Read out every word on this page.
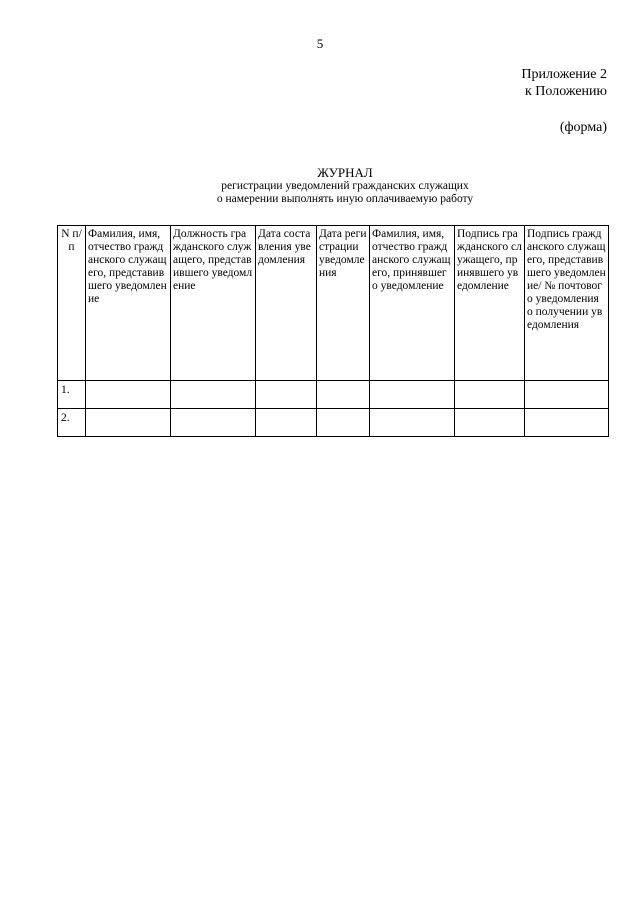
5
Приложение 2
к Положению
(форма)
ЖУРНАЛ
регистрации уведомлений гражданских служащих
о намерении выполнять иную оплачиваемую работу
N п/п	Фамилия, имя, отчество гражданского служащего, представившего уведомление	Должность гражданского служащего, представившего уведомление	Дата составления уведомления	Дата регистрации уведомления	Фамилия, имя, отчество гражданского служащего, принявшего уведомление	Подпись гражданского служащего, принявшего уведомление	Подпись гражданского служащего, представившего уведомление/ № почтового уведомления о получении уведомления
1.							
2.							
